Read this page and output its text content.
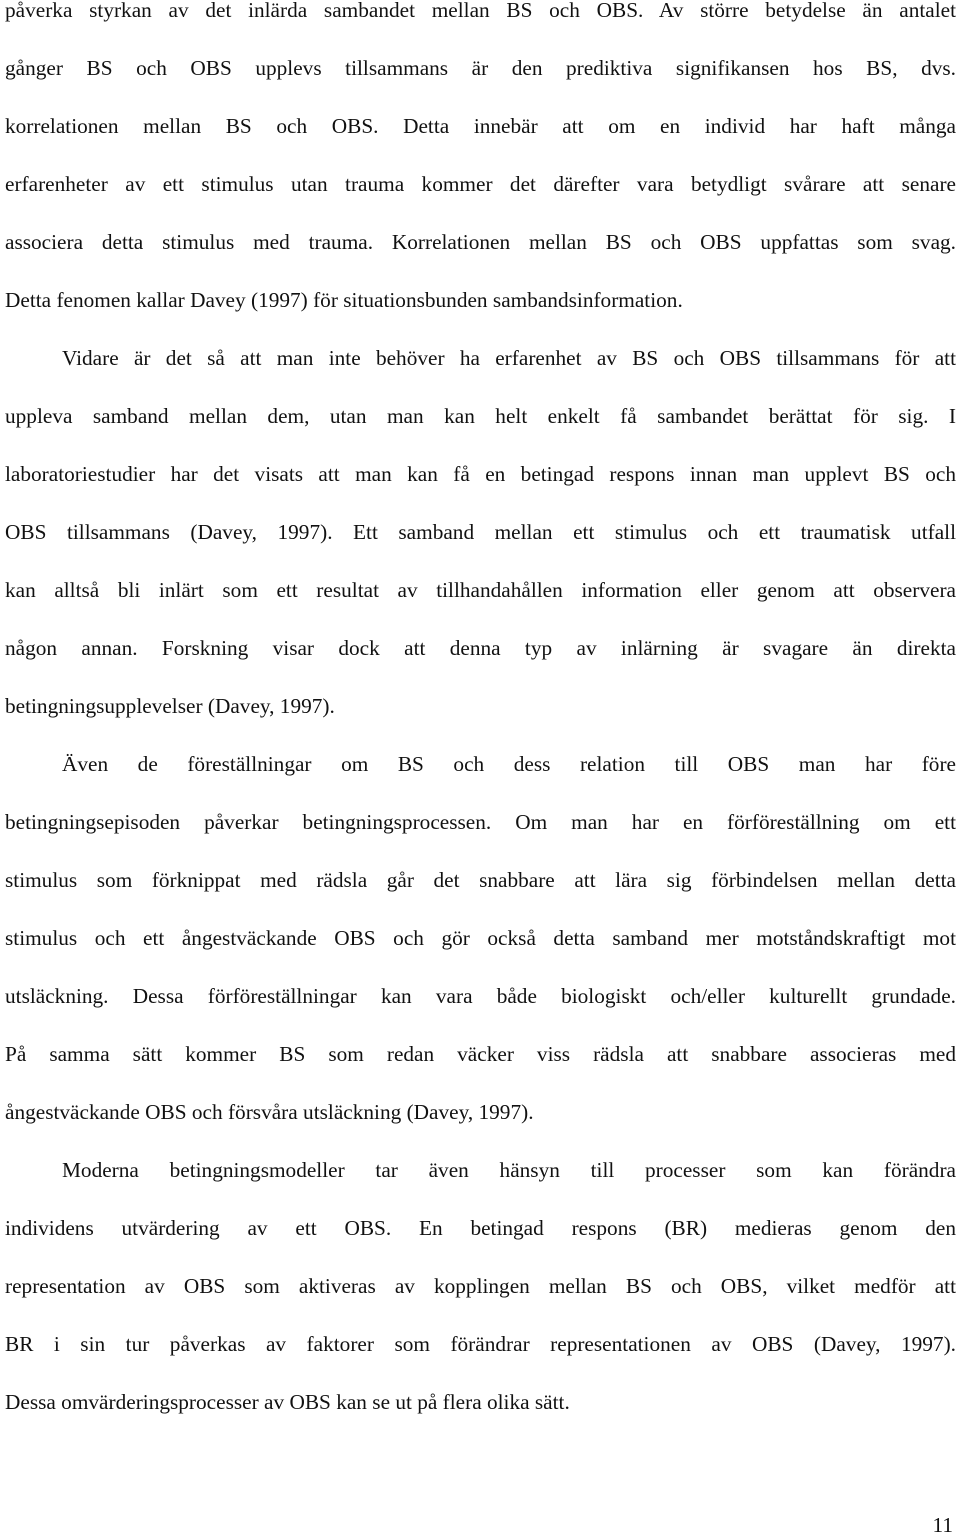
påverka styrkan av det inlärda sambandet mellan BS och OBS. Av större betydelse än antalet
gånger BS och OBS upplevs tillsammans är den prediktiva signifikansen hos BS, dvs.
korrelationen mellan BS och OBS. Detta innebär att om en individ har haft många
erfarenheter av ett stimulus utan trauma kommer det därefter vara betydligt svårare att senare
associera detta stimulus med trauma. Korrelationen mellan BS och OBS uppfattas som svag.
Detta fenomen kallar Davey (1997) för situationsbunden sambandsinformation.
Vidare är det så att man inte behöver ha erfarenhet av BS och OBS tillsammans för att
uppleva samband mellan dem, utan man kan helt enkelt få sambandet berättat för sig. I
laboratoriestudier har det visats att man kan få en betingad respons innan man upplevt BS och
OBS tillsammans (Davey, 1997). Ett samband mellan ett stimulus och ett traumatisk utfall
kan alltså bli inlärt som ett resultat av tillhandahållen information eller genom att observera
någon annan. Forskning visar dock att denna typ av inlärning är svagare än direkta
betingningsupplevelser (Davey, 1997).
Även de föreställningar om BS och dess relation till OBS man har före
betingningsepisoden påverkar betingningsprocessen. Om man har en förföreställning om ett
stimulus som förknippat med rädsla går det snabbare att lära sig förbindelsen mellan detta
stimulus och ett ångestväckande OBS och gör också detta samband mer motståndskraftigt mot
utsläckning. Dessa förföreställningar kan vara både biologiskt och/eller kulturellt grundade.
På samma sätt kommer BS som redan väcker viss rädsla att snabbare associeras med
ångestväckande OBS och försvåra utsläckning (Davey, 1997).
Moderna betingningsmodeller tar även hänsyn till processer som kan förändra
individens utvärdering av ett OBS. En betingad respons (BR) medieras genom den
representation av OBS som aktiveras av kopplingen mellan BS och OBS, vilket medför att
BR i sin tur påverkas av faktorer som förändrar representationen av OBS (Davey, 1997).
Dessa omvärderingsprocesser av OBS kan se ut på flera olika sätt.
11
